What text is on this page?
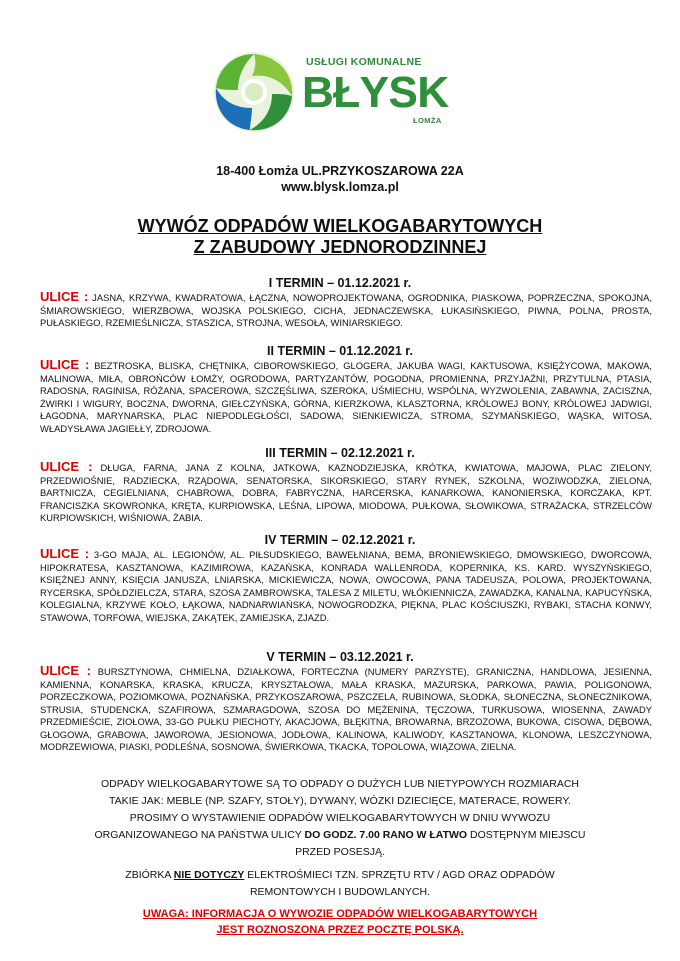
USŁUGI KOMUNALNE
BŁYSK
ŁOMŻA
18-400 Łomża UL.PRZYKOSZAROWA 22A
www.blysk.lomza.pl
WYWÓZ ODPADÓW WIELKOGABARYTOWYCH
Z ZABUDOWY JEDNORODZINNEJ
I TERMIN – 01.12.2021 r.
ULICE : JASNA, KRZYWA, KWADRATOWA, ŁĄCZNA, NOWOPROJEKTOWANA, OGRODNIKA, PIASKOWA, POPRZECZNA, SPOKOJNA, ŚMIAROWSKIEGO, WIERZBOWA, WOJSKA POLSKIEGO, CICHA, JEDNACZEWSKA, ŁUKASIŃSKIEGO, PIWNA, POLNA, PROSTA, PUŁASKIEGO, RZEMIEŚLNICZA, STASZICA, STROJNA, WESOŁA, WINIARSKIEGO.
II TERMIN – 01.12.2021 r.
ULICE : BEZTROSKA, BLISKA, CHĘTNIKA, CIBOROWSKIEGO, GLOGERA, JAKUBA WAGI, KAKTUSOWA, KSIĘŻYCOWA, MAKOWA, MALINOWA, MIŁA, OBROŃCÓW ŁOMŻY, OGRODOWA, PARTYZANTÓW, POGODNA, PROMIENNA, PRZYJAŹNI, PRZYTULNA, PTASIA, RADOSNA, RAGINISA, RÓŻANA, SPACEROWA, SZCZĘŚLIWA, SZEROKA, UŚMIECHU, WSPÓLNA, WYZWOLENIA, ZABAWNA, ZACISZNA, ŻWIRKI I WIGURY, BOCZNA, DWORNA, GIEŁCZYŃSKA, GÓRNA, KIERZKOWA, KLASZTORNA, KRÓLOWEJ BONY, KRÓLOWEJ JADWIGI, ŁAGODNA, MARYNARSKA, PLAC NIEPODLEGŁOŚCI, SADOWA, SIENKIEWICZA, STROMA, SZYMAŃSKIEGO, WĄSKA, WITOSA, WŁADYSŁAWA JAGIEŁŁY, ZDROJOWA.
III TERMIN – 02.12.2021 r.
ULICE : DŁUGA, FARNA, JANA Z KOLNA, JATKOWA, KAZNODZIEJSKA, KRÓTKA, KWIATOWA, MAJOWA, PLAC ZIELONY, PRZEDWIOŚNIE, RADZIECKA, RZĄDOWA, SENATORSKA, SIKORSKIEGO, STARY RYNEK, SZKOLNA, WOZIWODZKA, ZIELONA, BARTNICZA, CEGIELNIANA, CHABROWA, DOBRA, FABRYCZNA, HARCERSKA, KANARKOWA, KANONIERSKA, KORCZAKA, KPT. FRANCISZKA SKOWRONKA, KRĘTA, KURPIOWSKA, LEŚNA, LIPOWA, MIODOWA, PUŁKOWA, SŁOWIKOWA, STRAŻACKA, STRZELCÓW KURPIOWSKICH, WIŚNIOWA, ŻABIA.
IV TERMIN – 02.12.2021 r.
ULICE : 3-GO MAJA, AL. LEGIONÓW, AL. PIŁSUDSKIEGO, BAWEŁNIANA, BEMA, BRONIEWSKIEGO, DMOWSKIEGO, DWORCOWA, HIPOKRATESA, KASZTANOWA, KAZIMIROWA, KAZAŃSKA, KONRADA WALLENRODA, KOPERNIKA, KS. KARD. WYSZYŃSKIEGO, KSIĘŻNEJ ANNY, KSIĘCIA JANUSZA, LNIARSKA, MICKIEWICZA, NOWA, OWOCOWA, PANA TADEUSZA, POLOWA, PROJEKTOWANA, RYCERSKA, SPÓŁDZIELCZA, STARA, SZOSA ZAMBROWSKA, TALESA Z MILETU, WŁÓKIENNICZA, ZAWADZKA, KANALNA, KAPUCYŃSKA, KOLEGIALNA, KRZYWE KOŁO, ŁĄKOWA, NADNARWIAŃSKA, NOWOGRODZKA, PIĘKNA, PLAC KOŚCIUSZKI, RYBAKI, STACHA KONWY, STAWOWA, TORFOWA, WIEJSKA, ZAKĄTEK, ZAMIEJSKA, ZJAZD.
V TERMIN – 03.12.2021 r.
ULICE : BURSZTYNOWA, CHMIELNA, DZIAŁKOWA, FORTECZNA (NUMERY PARZYSTE), GRANICZNA, HANDLOWA, JESIENNA, KAMIENNA, KONARSKA, KRASKA, KRUCZA, KRYSZTAŁOWA, MAŁA KRASKA, MAZURSKA, PARKOWA, PAWIA, POLIGONOWA, PORZECZKOWA, POZIOMKOWA, POZNAŃSKA, PRZYKOSZAROWA, PSZCZELA, RUBINOWA, SŁODKA, SŁONECZNA, SŁONECZNIKOWA, STRUSIA, STUDENCKA, SZAFIROWA, SZMARAGDOWA, SZOSA DO MĘŻENINA, TĘCZOWA, TURKUSOWA, WIOSENNA, ZAWADY PRZEDMIEŚCIE, ZIOŁOWA, 33-GO PUŁKU PIECHOTY, AKACJOWA, BŁĘKITNA, BROWARNA, BRZOZOWA, BUKOWA, CISOWA, DĘBOWA, GŁOGOWA, GRABOWA, JAWOROWA, JESIONOWA, JODŁOWA, KALINOWA, KALIWODY, KASZTANOWA, KLONOWA, LESZCZYNOWA, MODRZEWIOWA, PIASKI, PODLEŚNA, SOSNOWA, ŚWIERKOWA, TKACKA, TOPOLOWA, WIĄZOWA, ZIELNA.
ODPADY WIELKOGABARYTOWE SĄ TO ODPADY O DUŻYCH LUB NIETYPOWYCH ROZMIARACH
TAKIE JAK: MEBLE (NP. SZAFY, STOŁY), DYWANY, WÓZKI DZIECIĘCE, MATERACE, ROWERY.
PROSIMY O WYSTAWIENIE ODPADÓW WIELKOGABARYTOWYCH W DNIU WYWOZU
ORGANIZOWANEGO NA PAŃSTWA ULICY DO GODZ. 7.00 RANO W ŁATWO DOSTĘPNYM MIEJSCU
PRZED POSESJĄ.
ZBIÓRKA NIE DOTYCZY ELEKTROŚMIECI TZN. SPRZĘTU RTV / AGD ORAZ ODPADÓW
REMONTOWYCH I BUDOWLANYCH.
UWAGA: INFORMACJA O WYWOZIE ODPADÓW WIELKOGABARYTOWYCH
JEST ROZNOSZONA PRZEZ POCZTĘ POLSKĄ.
